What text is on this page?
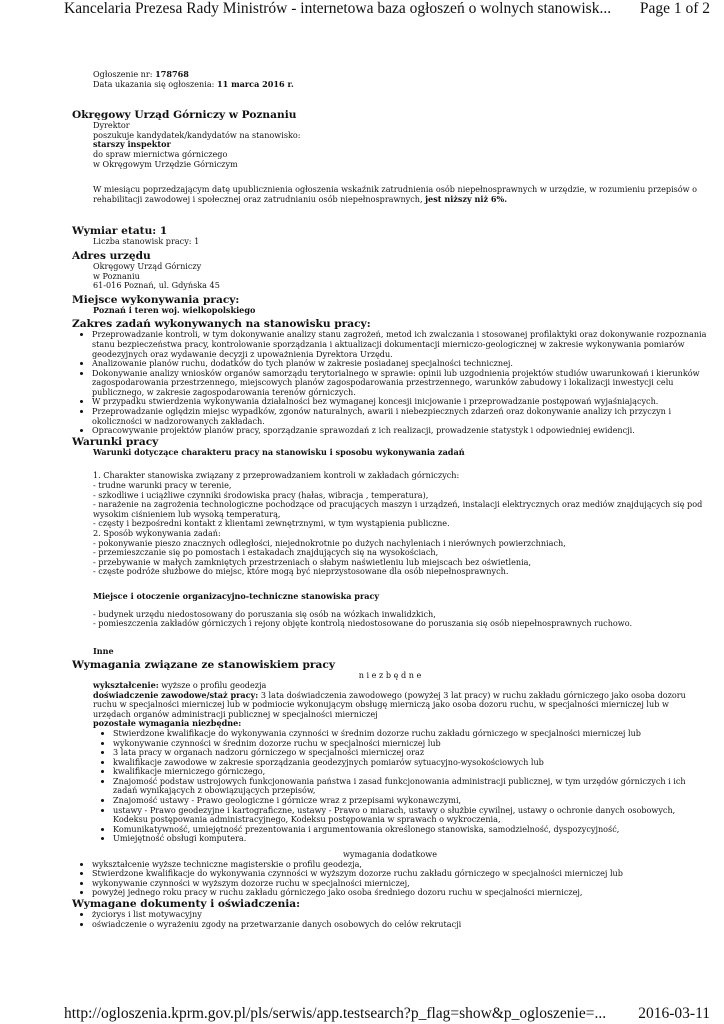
Kancelaria Prezesa Rady Ministrów - internetowa baza ogłoszeń o wolnych stanowisk... Page 1 of 2
Ogłoszenie nr: 178768
Data ukazania się ogłoszenia: 11 marca 2016 r.
Okręgowy Urząd Górniczy w Poznaniu
Dyrektor
poszukuje kandydatek/kandydatów na stanowisko:
starszy inspektor
do spraw miernictwa górniczego
w Okręgowym Urzędzie Górniczym
W miesiącu poprzedzającym datę upublicznienia ogłoszenia wskaźnik zatrudnienia osób niepełnosprawnych w urzędzie, w rozumieniu przepisów o rehabilitacji zawodowej i społecznej oraz zatrudnianiu osób niepełnosprawnych, jest niższy niż 6%.
Wymiar etatu: 1
Liczba stanowisk pracy: 1
Adres urzędu
Okręgowy Urząd Górniczy
w Poznaniu
61-016 Poznań, ul. Gdyńska 45
Miejsce wykonywania pracy:
Poznań i teren woj. wielkopolskiego
Zakres zadań wykonywanych na stanowisku pracy:
• Przeprowadzanie kontroli, w tym dokonywanie analizy stanu zagrożeń, metod ich zwalczania i stosowanej profilaktyki oraz dokonywanie rozpoznania stanu bezpieczeństwa pracy, kontrolowanie sporządzania i aktualizacji dokumentacji mierniczo-geologicznej w zakresie wykonywania pomiarów geodezyjnych oraz wydawanie decyzji z upoważnienia Dyrektora Urzędu.
• Analizowanie planów ruchu, dodatków do tych planów w zakresie posiadanej specjalności technicznej.
• Dokonywanie analizy wniosków organów samorządu terytorialnego w sprawie: opinii lub uzgodnienia projektów studiów uwarunkowań i kierunków zagospodarowania przestrzennego, miejscowych planów zagospodarowania przestrzennego, warunków zabudowy i lokalizacji inwestycji celu publicznego, w zakresie zagospodarowania terenów górniczych.
• W przypadku stwierdzenia wykonywania działalności bez wymaganej koncesji inicjowanie i przeprowadzanie postępowań wyjaśniających.
• Przeprowadzanie oględzin miejsc wypadków, zgonów naturalnych, awarii i niebezpiecznych zdarzeń oraz dokonywanie analizy ich przyczyn i okoliczności w nadzorowanych zakładach.
• Opracowywanie projektów planów pracy, sporządzanie sprawozdań z ich realizacji, prowadzenie statystyk i odpowiedniej ewidencji.
Warunki pracy
Warunki dotyczące charakteru pracy na stanowisku i sposobu wykonywania zadań
1. Charakter stanowiska związany z przeprowadzaniem kontroli w zakładach górniczych:
- trudne warunki pracy w terenie,
- szkodliwe i uciążliwe czynniki środowiska pracy (hałas, wibracja , temperatura),
- narażenie na zagrożenia technologiczne pochodzące od pracujących maszyn i urządzeń, instalacji elektrycznych oraz mediów znajdujących się pod wysokim ciśnieniem lub wysoką temperaturą,
- częsty i bezpośredni kontakt z klientami zewnętrznymi, w tym wystąpienia publiczne.
2. Sposób wykonywania zadań:
- pokonywanie pieszo znacznych odległości, niejednokrotnie po dużych nachyleniach i nierównych powierzchniach,
- przemieszczanie się po pomostach i estakadach znajdujących się na wysokościach,
- przebywanie w małych zamkniętych przestrzeniach o słabym naświetleniu lub miejscach bez oświetlenia,
- częste podróże służbowe do miejsc, które mogą być nieprzystosowane dla osób niepełnosprawnych.
Miejsce i otoczenie organizacyjno-techniczne stanowiska pracy
- budynek urzędu niedostosowany do poruszania się osób na wózkach inwalidzkich,
- pomieszczenia zakładów górniczych i rejony objęte kontrolą niedostosowane do poruszania się osób niepełnosprawnych ruchowo.
Inne
Wymagania związane ze stanowiskiem pracy
n i e z b ę d n e
wykształcenie: wyższe o profilu geodezja
doświadczenie zawodowe/staż pracy: 3 lata doświadczenia zawodowego (powyżej 3 lat pracy) w ruchu zakładu górniczego jako osoba dozoru ruchu w specjalności mierniczej lub w podmiocie wykonującym obsługę mierniczą jako osoba dozoru ruchu, w specjalności mierniczej lub w urzędach organów administracji publicznej w specjalności mierniczej
pozostałe wymagania niezbędne:
• Stwierdzone kwalifikacje do wykonywania czynności w średnim dozorze ruchu zakładu górniczego w specjalności mierniczej lub
• wykonywanie czynności w średnim dozorze ruchu w specjalności mierniczej lub
• 3 lata pracy w organach nadzoru górniczego w specjalności mierniczej oraz
• kwalifikacje zawodowe w zakresie sporządzania geodezyjnych pomiarów sytuacyjno-wysokościowych lub
• kwalifikacje mierniczego górniczego,
• Znajomość podstaw ustrojowych funkcjonowania państwa i zasad funkcjonowania administracji publicznej, w tym urzędów górniczych i ich zadań wynikających z obowiązujących przepisów,
• Znajomość ustawy - Prawo geologiczne i górnicze wraz z przepisami wykonawczymi,
• ustawy - Prawo geodezyjne i kartograficzne, ustawy - Prawo o miarach, ustawy o służbie cywilnej, ustawy o ochronie danych osobowych, Kodeksu postępowania administracyjnego, Kodeksu postępowania w sprawach o wykroczenia,
• Komunikatywność, umiejętność prezentowania i argumentowania określonego stanowiska, samodzielność, dyspozycyjność,
• Umiejętność obsługi komputera.
wymagania dodatkowe
• wykształcenie wyższe techniczne magisterskie o profilu geodezja,
• Stwierdzone kwalifikacje do wykonywania czynności w wyższym dozorze ruchu zakładu górniczego w specjalności mierniczej lub
• wykonywanie czynności w wyższym dozorze ruchu w specjalności mierniczej,
• powyżej jednego roku pracy w ruchu zakładu górniczego jako osoba średniego dozoru ruchu w specjalności mierniczej,
Wymagane dokumenty i oświadczenia:
• życiorys i list motywacyjny
• oświadczenie o wyrażeniu zgody na przetwarzanie danych osobowych do celów rekrutacji
http://ogloszenia.kprm.gov.pl/pls/serwis/app.testsearch?p_flag=show&p_ogloszenie=... 2016-03-11
